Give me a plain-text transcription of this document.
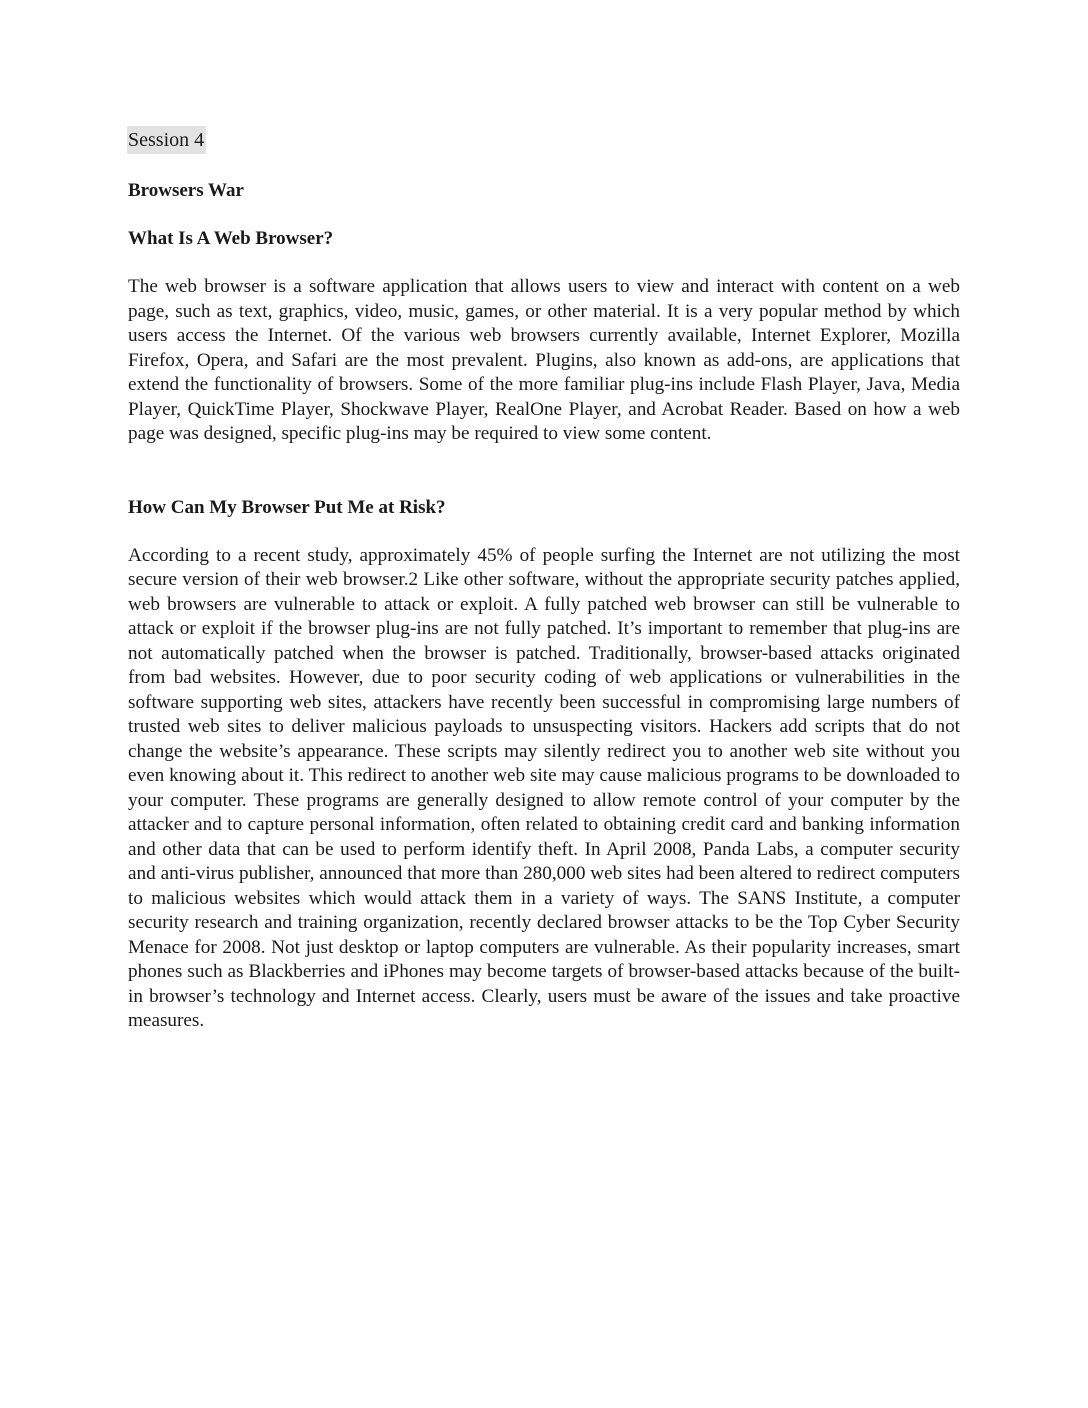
Session 4
Browsers War
What Is A Web Browser?

The web browser is a software application that allows users to view and interact with content on a web page, such as text, graphics, video, music, games, or other material. It is a very popular method by which users access the Internet. Of the various web browsers currently available, Internet Explorer, Mozilla Firefox, Opera, and Safari are the most prevalent. Plugins, also known as add-ons, are applications that extend the functionality of browsers. Some of the more familiar plug-ins include Flash Player, Java, Media Player, QuickTime Player, Shockwave Player, RealOne Player, and Acrobat Reader. Based on how a web page was designed, specific plug-ins may be required to view some content.

How Can My Browser Put Me at Risk?

According to a recent study, approximately 45% of people surfing the Internet are not utilizing the most secure version of their web browser.2 Like other software, without the appropriate security patches applied, web browsers are vulnerable to attack or exploit. A fully patched web browser can still be vulnerable to attack or exploit if the browser plug-ins are not fully patched. It’s important to remember that plug-ins are not automatically patched when the browser is patched. Traditionally, browser-based attacks originated from bad websites. However, due to poor security coding of web applications or vulnerabilities in the software supporting web sites, attackers have recently been successful in compromising large numbers of trusted web sites to deliver malicious payloads to unsuspecting visitors. Hackers add scripts that do not change the website’s appearance. These scripts may silently redirect you to another web site without you even knowing about it. This redirect to another web site may cause malicious programs to be downloaded to your computer. These programs are generally designed to allow remote control of your computer by the attacker and to capture personal information, often related to obtaining credit card and banking information and other data that can be used to perform identify theft. In April 2008, Panda Labs, a computer security and anti-virus publisher, announced that more than 280,000 web sites had been altered to redirect computers to malicious websites which would attack them in a variety of ways. The SANS Institute, a computer security research and training organization, recently declared browser attacks to be the Top Cyber Security Menace for 2008. Not just desktop or laptop computers are vulnerable. As their popularity increases, smart phones such as Blackberries and iPhones may become targets of browser-based attacks because of the built-in browser’s technology and Internet access. Clearly, users must be aware of the issues and take proactive measures.
